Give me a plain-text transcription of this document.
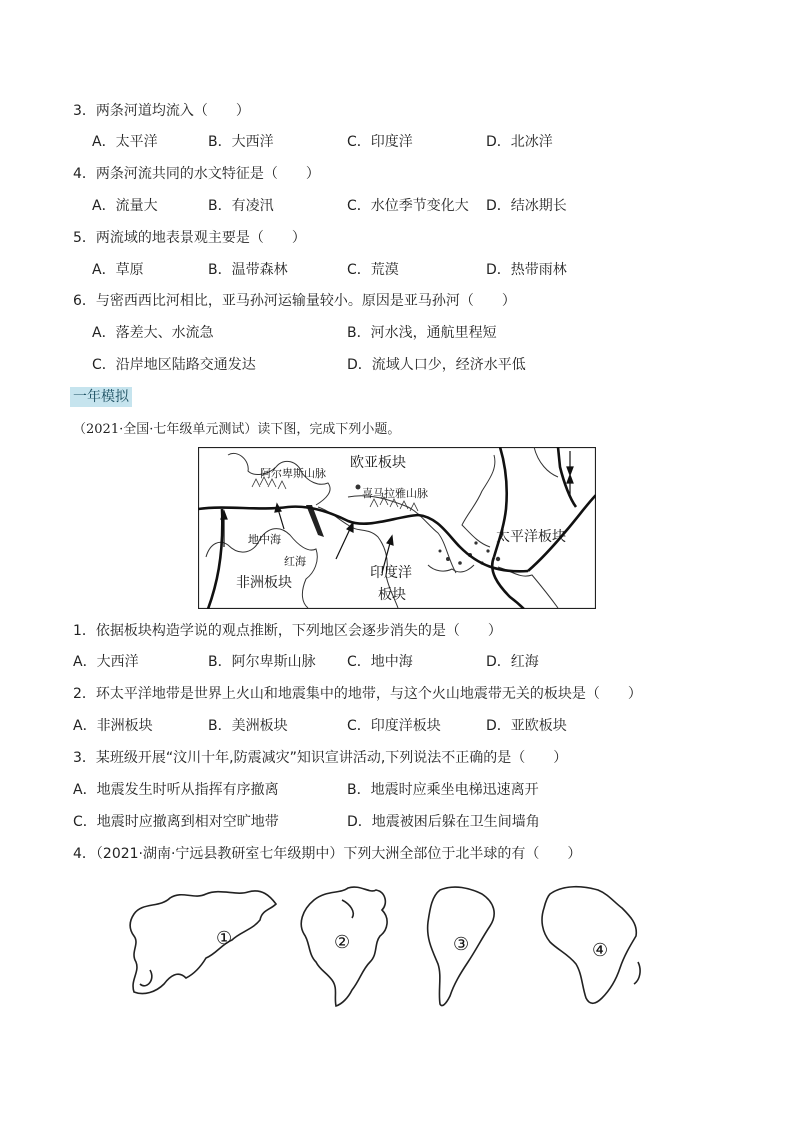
3．两条河道均流入（　　）
A．太平洋	B．大西洋	C．印度洋	D．北冰洋
4．两条河流共同的水文特征是（　　）
A．流量大	B．有凌汛	C．水位季节变化大 D．结冰期长
5．两流域的地表景观主要是（　　）
A．草原	B．温带森林	C．荒漠	D．热带雨林
6．与密西西比河相比，亚马孙河运输量较小。原因是亚马孙河（　　）
A．落差大、水流急	B．河水浅，通航里程短
C．沿岸地区陆路交通发达	D．流域人口少，经济水平低
一年模拟
（2021·全国·七年级单元测试）读下图，完成下列小题。
阿尔卑斯山脉
欧亚板块
喜马拉雅山脉
地中海
红海
太平洋板块
非洲板块
印度洋
板块
1．依据板块构造学说的观点推断，下列地区会逐步消失的是（　　）
A．大西洋	B．阿尔卑斯山脉 C．地中海	D．红海
2．环太平洋地带是世界上火山和地震集中的地带，与这个火山地震带无关的板块是（　　）
A．非洲板块	B．美洲板块	C．印度洋板块	D．亚欧板块
3．某班级开展“汶川十年,防震减灾”知识宣讲活动,下列说法不正确的是（　　）
A．地震发生时听从指挥有序撤离	B．地震时应乘坐电梯迅速离开
C．地震时应撤离到相对空旷地带	D．地震被困后躲在卫生间墙角
4．（2021·湖南·宁远县教研室七年级期中）下列大洲全部位于北半球的有（　　）
①	②	③	④
